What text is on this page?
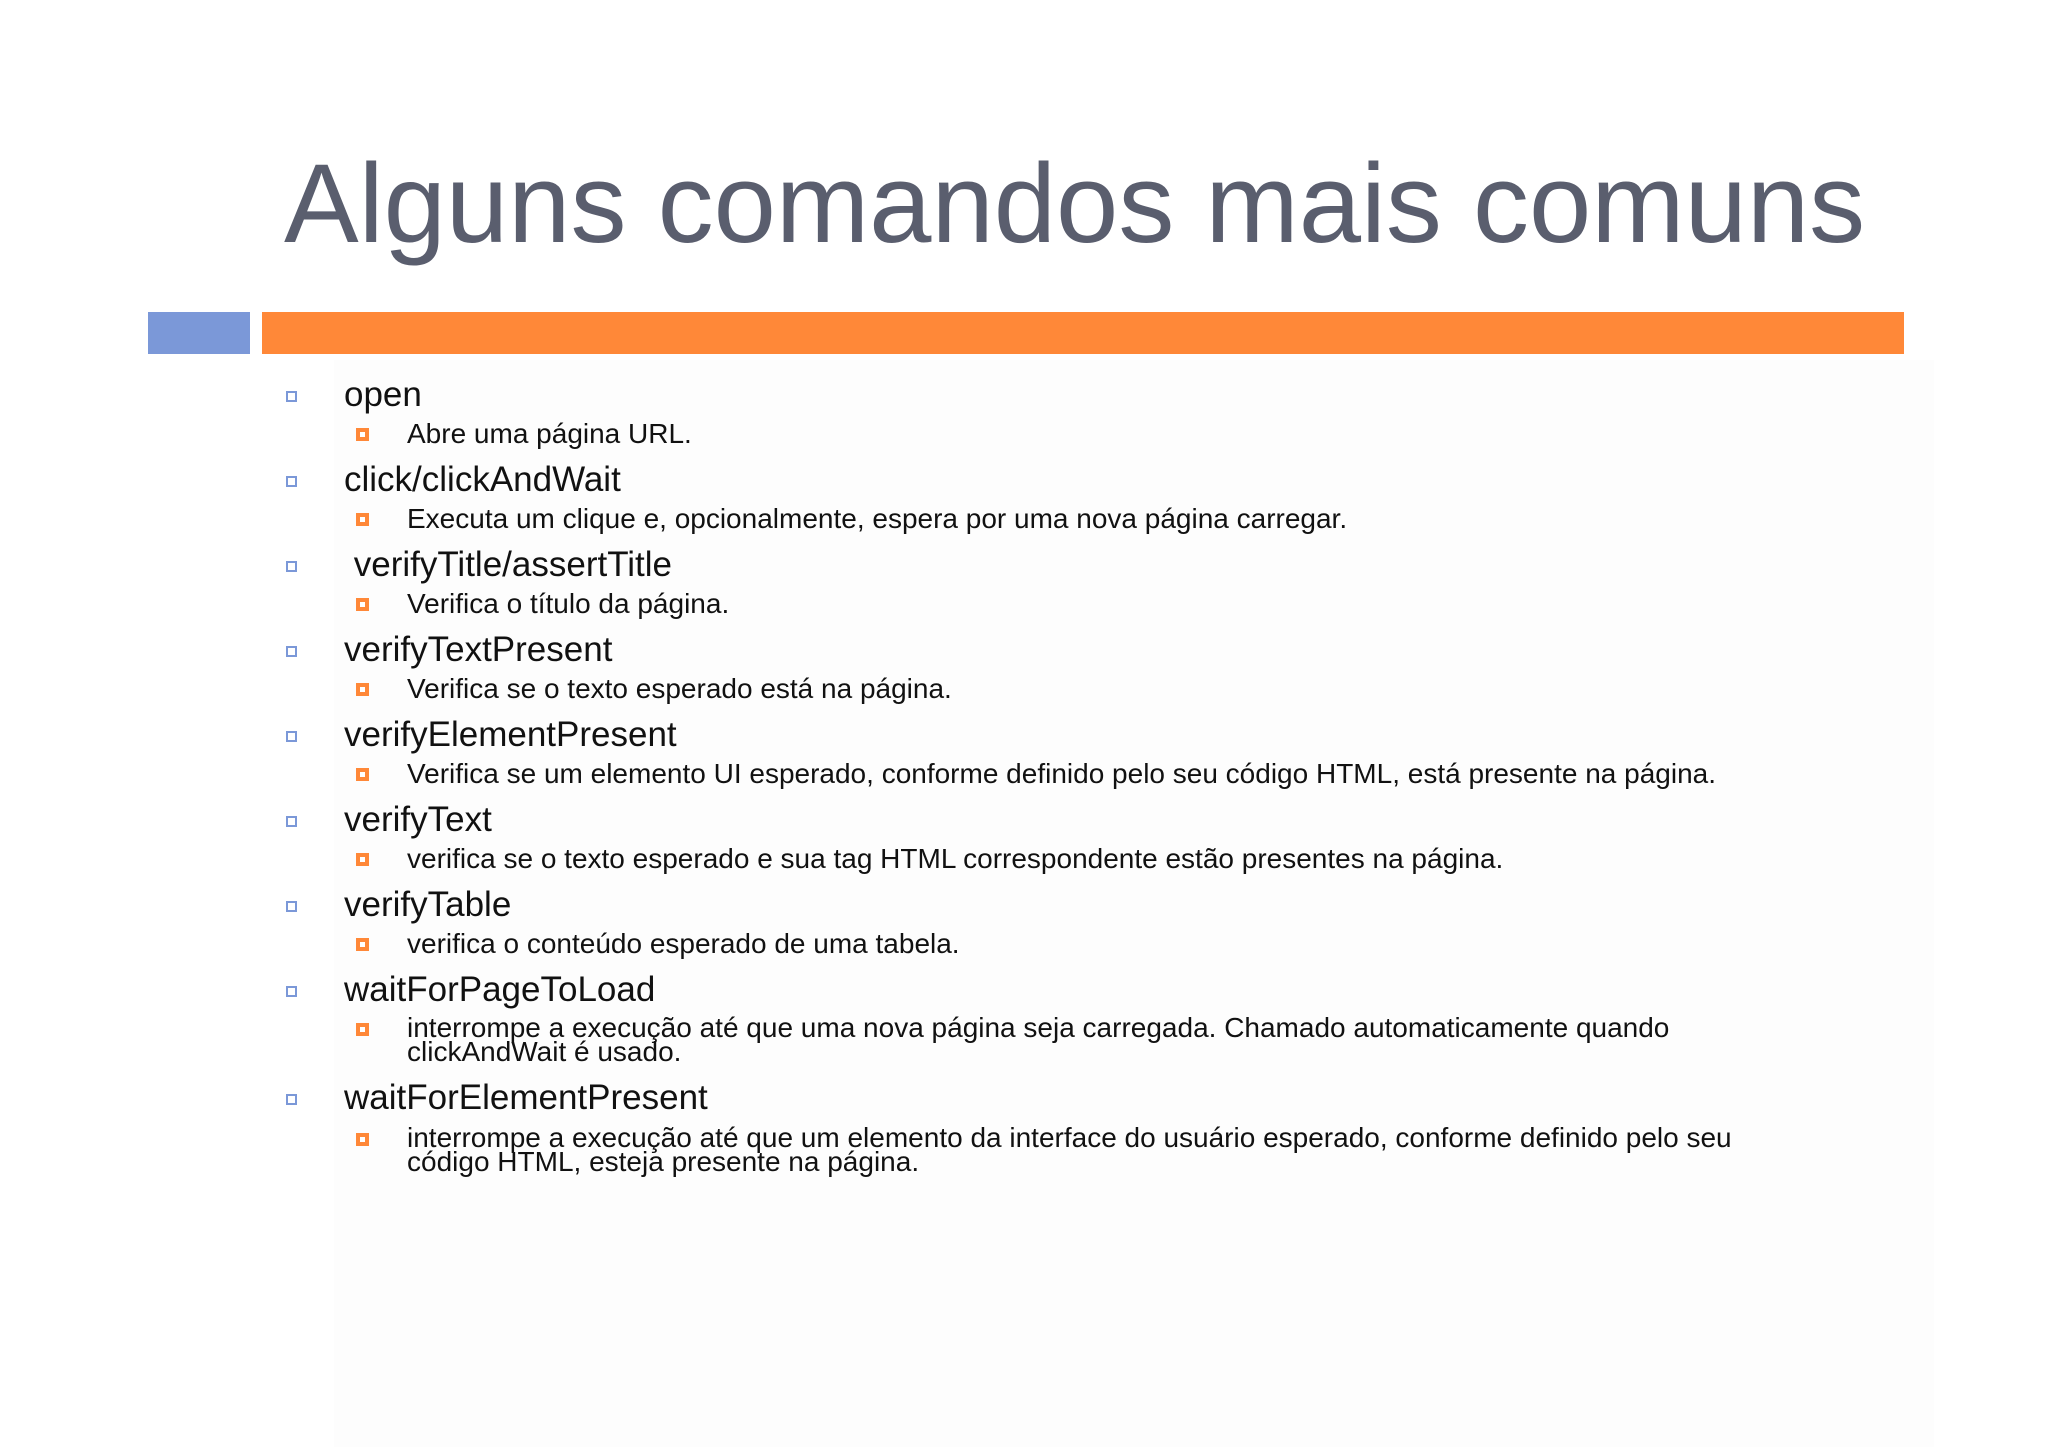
Alguns comandos mais comuns
open
Abre uma página URL.
click/clickAndWait
Executa um clique e, opcionalmente, espera por uma nova página carregar.
verifyTitle/assertTitle
Verifica o título da página.
verifyTextPresent
Verifica se o texto esperado está na página.
verifyElementPresent
Verifica se um elemento UI esperado, conforme definido pelo seu código HTML, está presente na página.
verifyText
verifica se o texto esperado e sua tag HTML correspondente estão presentes na página.
verifyTable
verifica o conteúdo esperado de uma tabela.
waitForPageToLoad
interrompe a execução até que uma nova página seja carregada. Chamado automaticamente quando clickAndWait é usado.
waitForElementPresent
interrompe a execução até que um elemento da interface do usuário esperado, conforme definido pelo seu código HTML, esteja presente na página.
